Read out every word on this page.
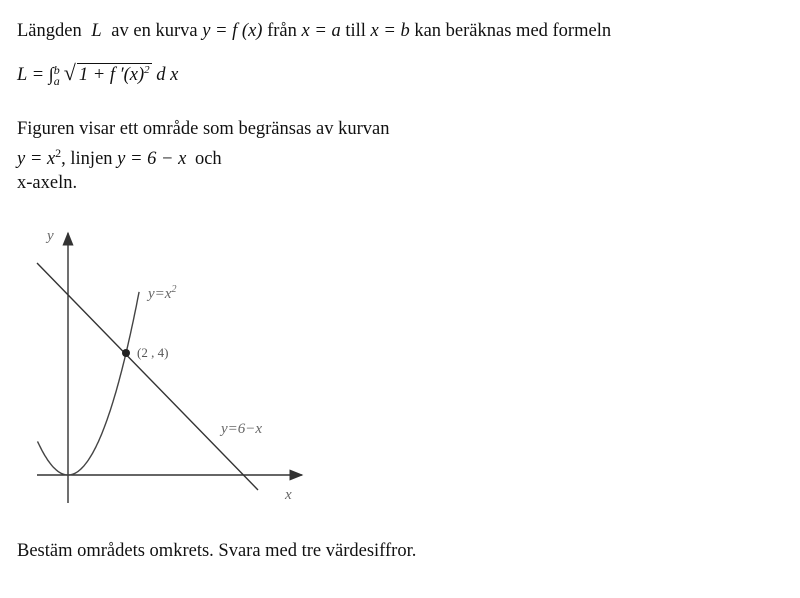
Längden L av en kurva y = f (x) från x = a till x = b kan beräknas med formeln
L = ∫ b
a √ 1 + f $'(x)^2$ d x
Figuren visar ett område som begränsas av kurvan
$y = x^2$, linjen y = 6 − x och
x-axeln.
y
x
$y=x^2$
(2 , 4)
y=6−x
Bestäm områdets omkrets. Svara med tre värdesiffror.
